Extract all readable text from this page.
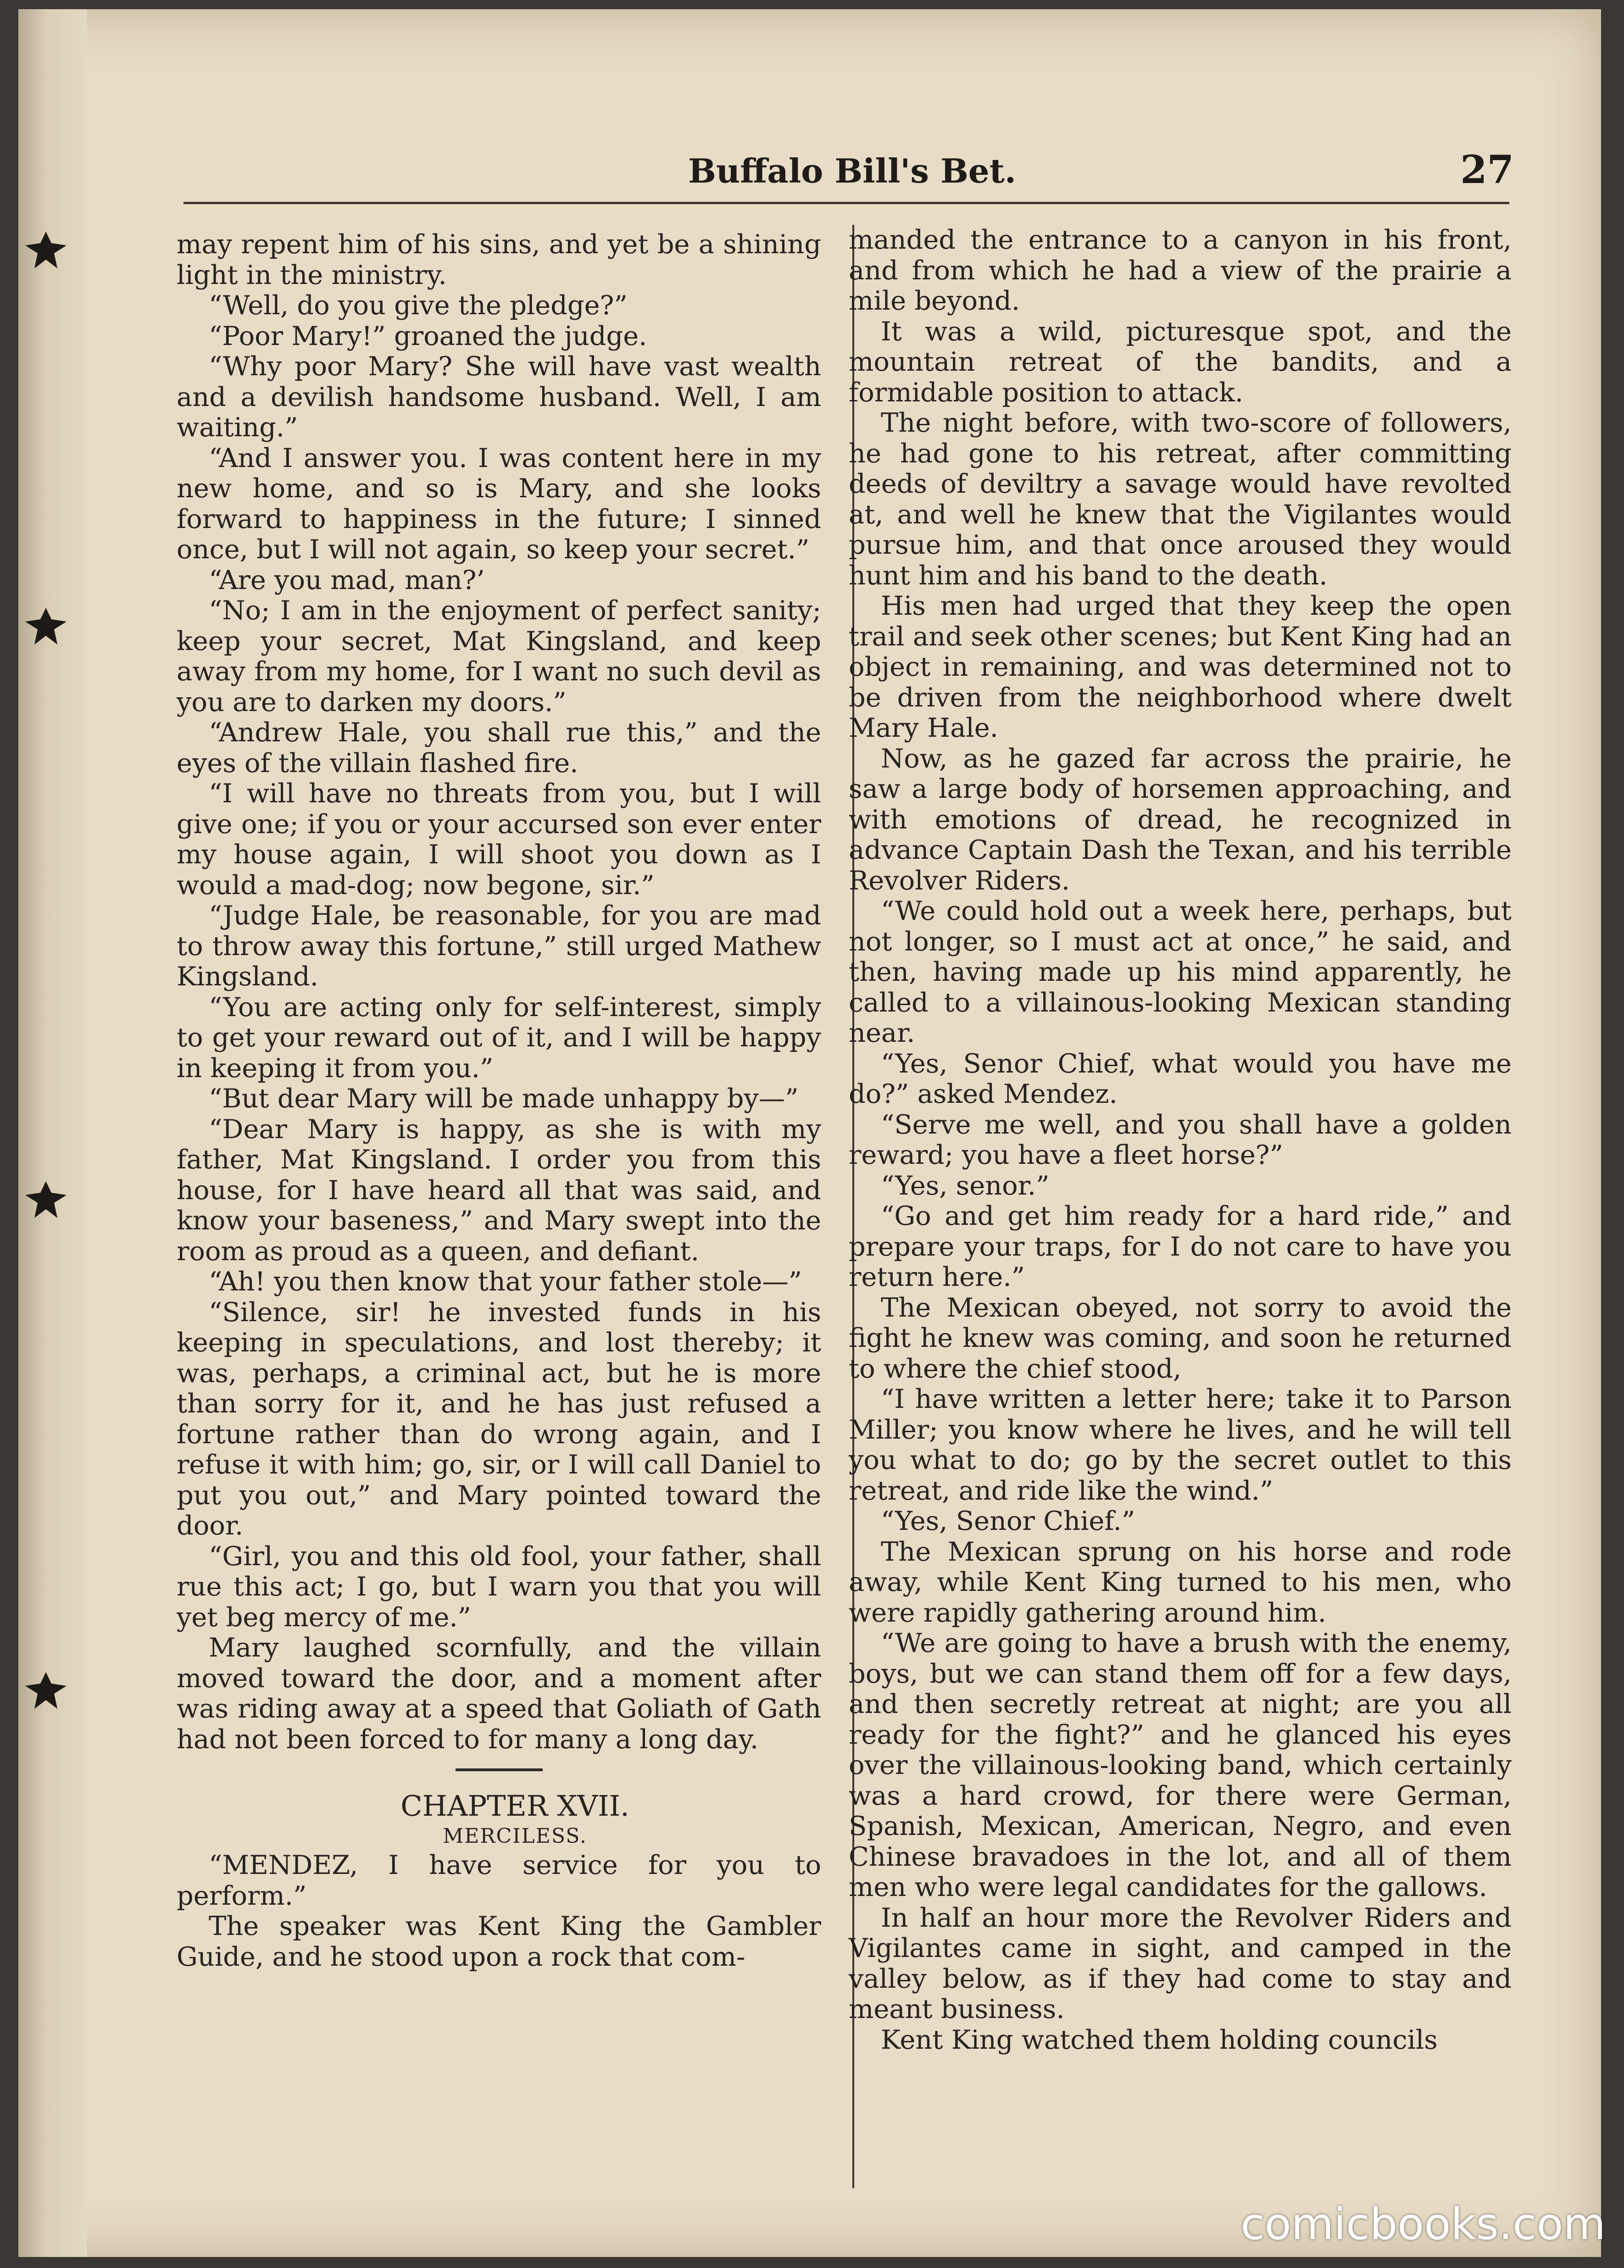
Buffalo Bill's Bet.	27

may repent him of his sins, and yet be a shining light in the ministry.

“Well, do you give the pledge?”

“Poor Mary!” groaned the judge.

“Why poor Mary? She will have vast wealth and a devilish handsome husband. Well, I am waiting.”

“And I answer you. I was content here in my new home, and so is Mary, and she looks forward to happiness in the future; I sinned once, but I will not again, so keep your secret.”

“Are you mad, man?’

“No; I am in the enjoyment of perfect sanity; keep your secret, Mat Kingsland, and keep away from my home, for I want no such devil as you are to darken my doors.”

“Andrew Hale, you shall rue this,” and the eyes of the villain flashed fire.

“I will have no threats from you, but I will give one; if you or your accursed son ever enter my house again, I will shoot you down as I would a mad-dog; now begone, sir.”

“Judge Hale, be reasonable, for you are mad to throw away this fortune,” still urged Mathew Kingsland.

“You are acting only for self-interest, simply to get your reward out of it, and I will be happy in keeping it from you.”

“But dear Mary will be made unhappy by—”

“Dear Mary is happy, as she is with my father, Mat Kingsland. I order you from this house, for I have heard all that was said, and know your baseness,” and Mary swept into the room as proud as a queen, and defiant.

“Ah! you then know that your father stole—”

“Silence, sir! he invested funds in his keeping in speculations, and lost thereby; it was, perhaps, a criminal act, but he is more than sorry for it, and he has just refused a fortune rather than do wrong again, and I refuse it with him; go, sir, or I will call Daniel to put you out,” and Mary pointed toward the door.

“Girl, you and this old fool, your father, shall rue this act; I go, but I warn you that you will yet beg mercy of me.”

Mary laughed scornfully, and the villain moved toward the door, and a moment after was riding away at a speed that Goliath of Gath had not been forced to for many a long day.

CHAPTER XVII.

MERCILESS.

“MENDEZ, I have service for you to perform.”

The speaker was Kent King the Gambler Guide, and he stood upon a rock that com-

manded the entrance to a canyon in his front, and from which he had a view of the prairie a mile beyond.

It was a wild, picturesque spot, and the mountain retreat of the bandits, and a formidable position to attack.

The night before, with two-score of followers, he had gone to his retreat, after committing deeds of deviltry a savage would have revolted at, and well he knew that the Vigilantes would pursue him, and that once aroused they would hunt him and his band to the death.

His men had urged that they keep the open trail and seek other scenes; but Kent King had an object in remaining, and was determined not to be driven from the neighborhood where dwelt Mary Hale.

Now, as he gazed far across the prairie, he saw a large body of horsemen approaching, and with emotions of dread, he recognized in advance Captain Dash the Texan, and his terrible Revolver Riders.

“We could hold out a week here, perhaps, but not longer, so I must act at once,” he said, and then, having made up his mind apparently, he called to a villainous-looking Mexican standing near.

“Yes, Senor Chief, what would you have me do?” asked Mendez.

“Serve me well, and you shall have a golden reward; you have a fleet horse?”

“Yes, senor.”

“Go and get him ready for a hard ride,” and prepare your traps, for I do not care to have you return here.”

The Mexican obeyed, not sorry to avoid the fight he knew was coming, and soon he returned to where the chief stood,

“I have written a letter here; take it to Parson Miller; you know where he lives, and he will tell you what to do; go by the secret outlet to this retreat, and ride like the wind.”

“Yes, Senor Chief.”

The Mexican sprung on his horse and rode away, while Kent King turned to his men, who were rapidly gathering around him.

“We are going to have a brush with the enemy, boys, but we can stand them off for a few days, and then secretly retreat at night; are you all ready for the fight?” and he glanced his eyes over the villainous-looking band, which certainly was a hard crowd, for there were German, Spanish, Mexican, American, Negro, and even Chinese bravadoes in the lot, and all of them men who were legal candidates for the gallows.

In half an hour more the Revolver Riders and Vigilantes came in sight, and camped in the valley below, as if they had come to stay and meant business.

Kent King watched them holding councils

comicbooks.com
